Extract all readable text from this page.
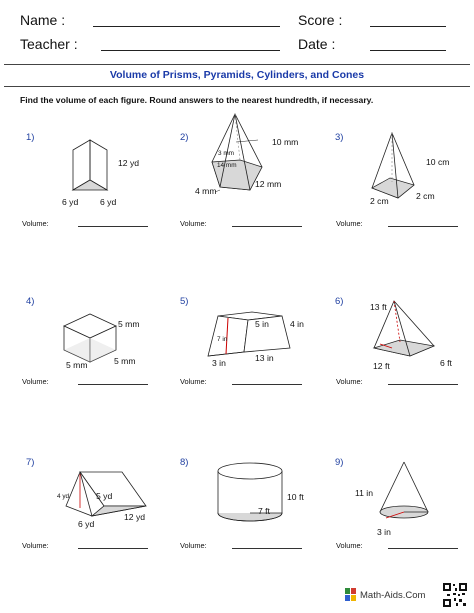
Name :	Score :
Teacher :	Date :
Volume of Prisms, Pyramids, Cylinders, and Cones
Find the volume of each figure. Round answers to the nearest hundredth, if necessary.
1)
12 yd
6 yd	6 yd
Volume:
2)	10 mm
14 mm
3 mm
4 mm
12 mm
Volume:
3)
10 cm
2 cm	2 cm
Volume:
4)
5 mm
5 mm	5 mm
Volume:
5)
5 in 4 in
7 in
3 in	13 in
Volume:
6)	13 ft
12 ft	6 ft
Volume:
7)
4 yd	5 yd
6 yd
12 yd
Volume:
8)
10 ft
7 ft
Volume:
9)
11 in
3 in
Volume:
Math-Aids.Com
